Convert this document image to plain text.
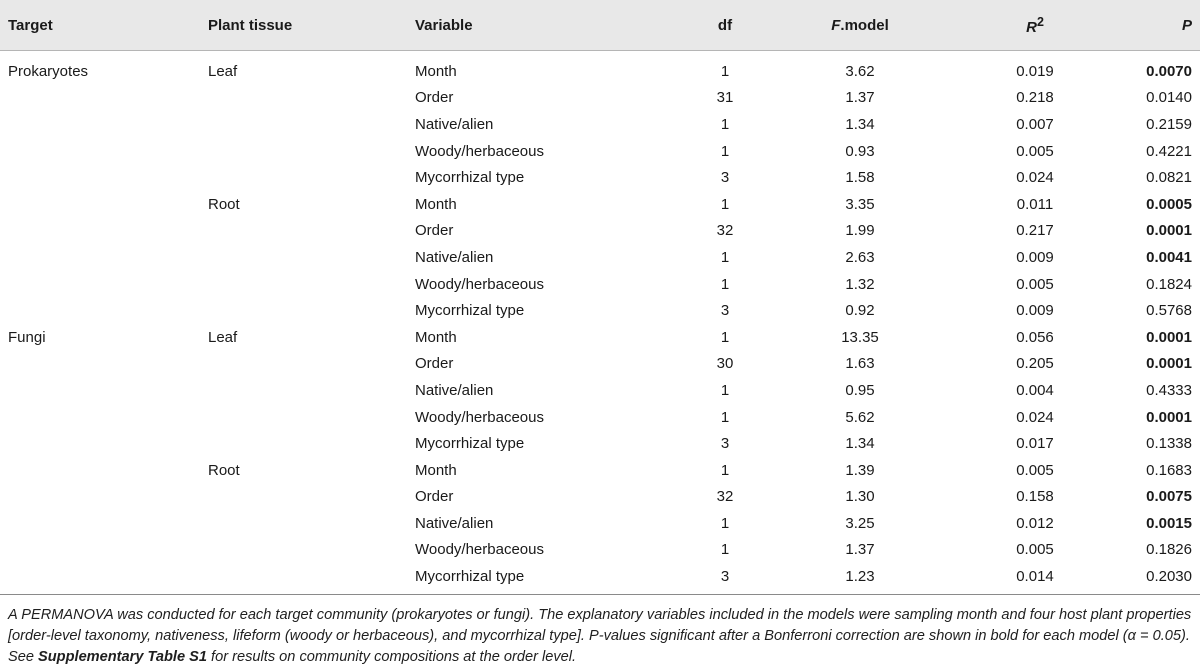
Target	Plant tissue	Variable	df	F.model	$R^2$	P
Prokaryotes	Leaf	Month	1	3.62	0.019	0.0070
		Order	31	1.37	0.218	0.0140
		Native/alien	1	1.34	0.007	0.2159
		Woody/herbaceous	1	0.93	0.005	0.4221
		Mycorrhizal type	3	1.58	0.024	0.0821
	Root	Month	1	3.35	0.011	0.0005
		Order	32	1.99	0.217	0.0001
		Native/alien	1	2.63	0.009	0.0041
		Woody/herbaceous	1	1.32	0.005	0.1824
		Mycorrhizal type	3	0.92	0.009	0.5768
Fungi	Leaf	Month	1	13.35	0.056	0.0001
		Order	30	1.63	0.205	0.0001
		Native/alien	1	0.95	0.004	0.4333
		Woody/herbaceous	1	5.62	0.024	0.0001
		Mycorrhizal type	3	1.34	0.017	0.1338
	Root	Month	1	1.39	0.005	0.1683
		Order	32	1.30	0.158	0.0075
		Native/alien	1	3.25	0.012	0.0015
		Woody/herbaceous	1	1.37	0.005	0.1826
		Mycorrhizal type	3	1.23	0.014	0.2030
A PERMANOVA was conducted for each target community (prokaryotes or fungi). The explanatory variables included in the models were sampling month and four host plant properties [order-level taxonomy, nativeness, lifeform (woody or herbaceous), and mycorrhizal type]. P-values significant after a Bonferroni correction are shown in bold for each model (α = 0.05). See Supplementary Table S1 for results on community compositions at the order level.
